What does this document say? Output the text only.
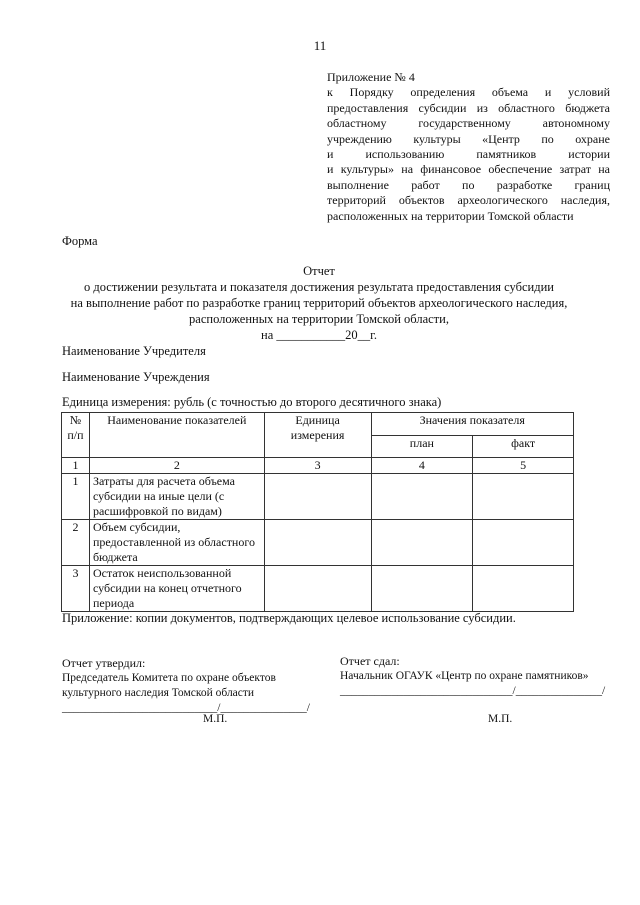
11
Приложение № 4
к Порядку определения объема и условий
предоставления субсидии из областного бюджета
областному государственному автономному
учреждению культуры «Центр по охране
и использованию памятников истории
и культуры» на финансовое обеспечение затрат на
выполнение работ по разработке границ
территорий объектов археологического наследия,
расположенных на территории Томской области
Форма
Отчет
о достижении результата и показателя достижения результата предоставления субсидии
на выполнение работ по разработке границ территорий объектов археологического наследия,
расположенных на территории Томской области,
на ___________20__г.
Наименование Учредителя
Наименование Учреждения
Единица измерения: рубль (с точностью до второго десятичного знака)
№ п/п	Наименование показателей	Единица измерения	Значения показателя	
			план	факт
1	2	3	4	5
1	Затраты для расчета объема субсидии на иные цели (с расшифровкой по видам)			
2	Объем субсидии, предоставленной из областного бюджета			
3	Остаток неиспользованной субсидии на конец отчетного периода			
Приложение: копии документов, подтверждающих целевое использование субсидии.
Отчет утвердил:
Председатель Комитета по охране объектов
культурного наследия Томской области
___________________________/_______________/
М.П.
Отчет сдал:
Начальник ОГАУК «Центр по охране памятников»
______________________________/_______________/
М.П.
